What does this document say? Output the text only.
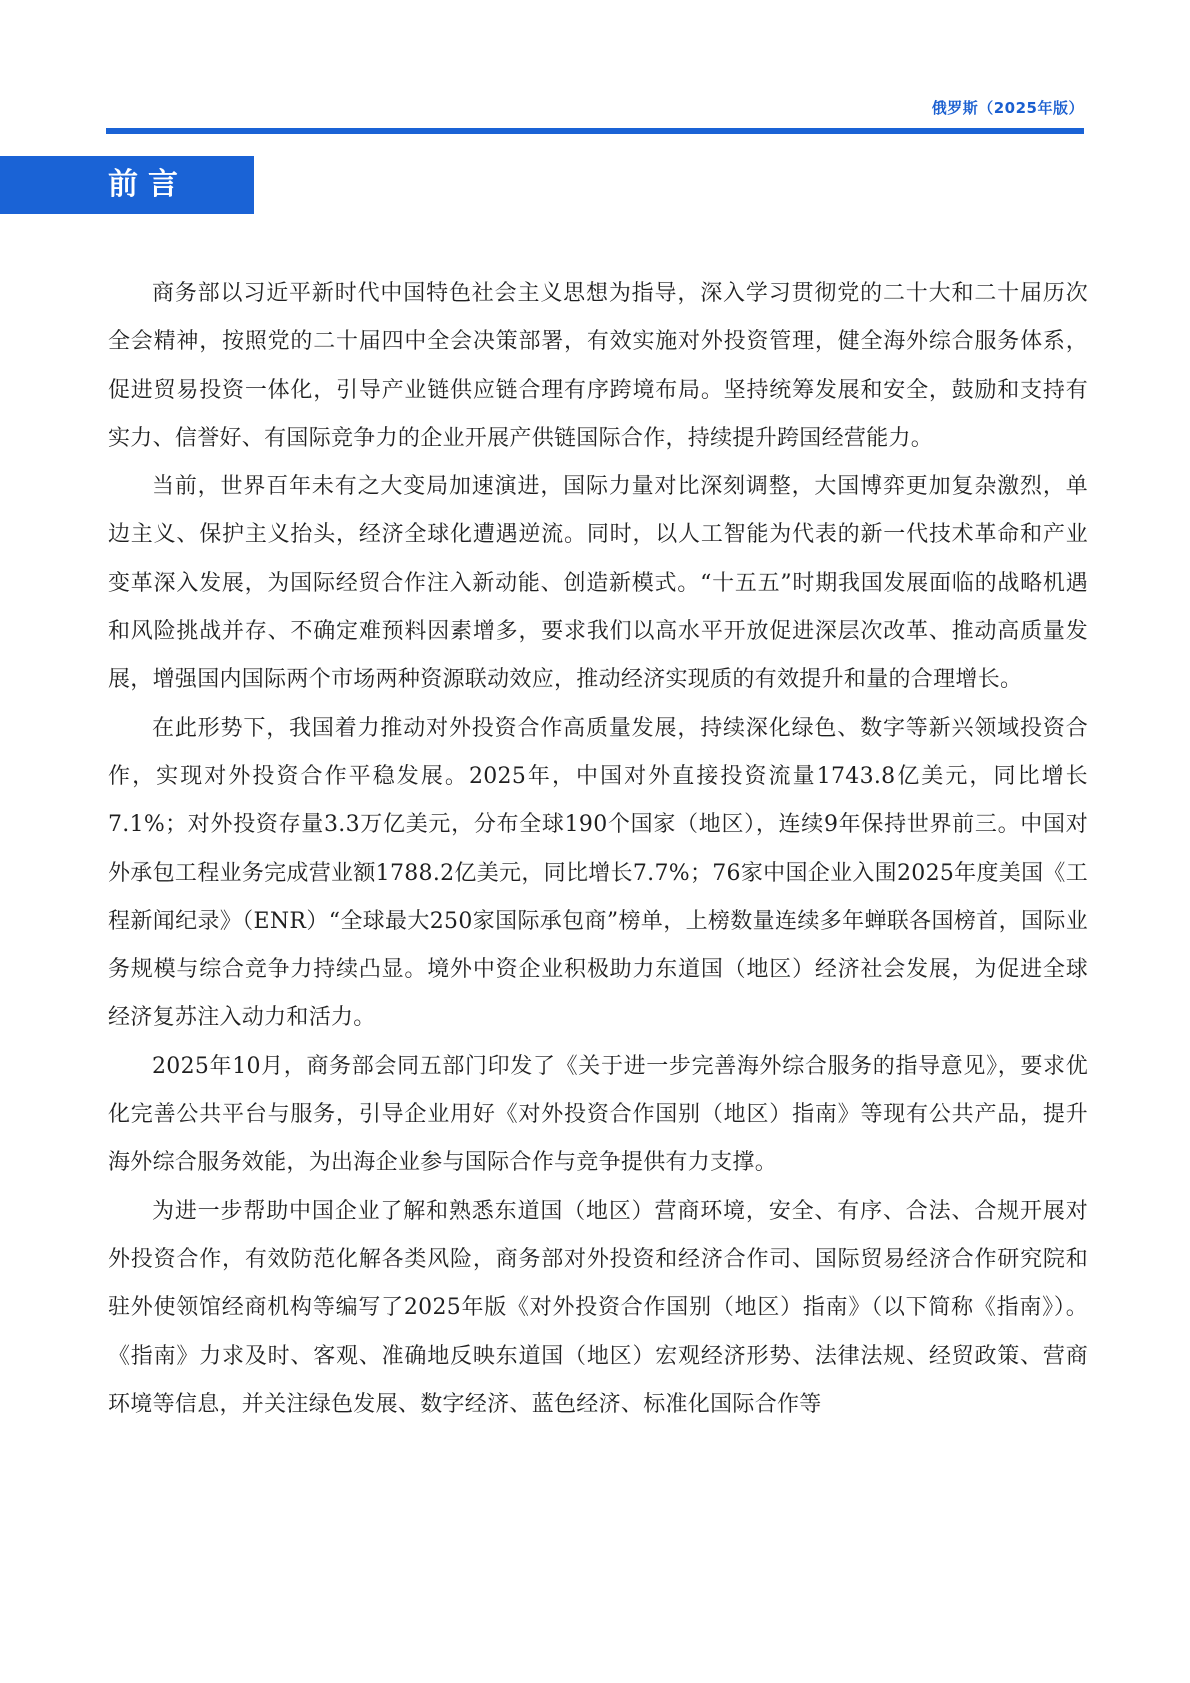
俄罗斯（2025年版）
前言

商务部以习近平新时代中国特色社会主义思想为指导，深入学习贯彻党的二十大和二十届历次全会精神，按照党的二十届四中全会决策部署，有效实施对外投资管理，健全海外综合服务体系，促进贸易投资一体化，引导产业链供应链合理有序跨境布局。坚持统筹发展和安全，鼓励和支持有实力、信誉好、有国际竞争力的企业开展产供链国际合作，持续提升跨国经营能力。

当前，世界百年未有之大变局加速演进，国际力量对比深刻调整，大国博弈更加复杂激烈，单边主义、保护主义抬头，经济全球化遭遇逆流。同时，以人工智能为代表的新一代技术革命和产业变革深入发展，为国际经贸合作注入新动能、创造新模式。“十五五”时期我国发展面临的战略机遇和风险挑战并存、不确定难预料因素增多，要求我们以高水平开放促进深层次改革、推动高质量发展，增强国内国际两个市场两种资源联动效应，推动经济实现质的有效提升和量的合理增长。

在此形势下，我国着力推动对外投资合作高质量发展，持续深化绿色、数字等新兴领域投资合作，实现对外投资合作平稳发展。2025年，中国对外直接投资流量1743.8亿美元，同比增长7.1%；对外投资存量3.3万亿美元，分布全球190个国家（地区），连续9年保持世界前三。中国对外承包工程业务完成营业额1788.2亿美元，同比增长7.7%；76家中国企业入围2025年度美国《工程新闻纪录》（ENR）“全球最大250家国际承包商”榜单，上榜数量连续多年蝉联各国榜首，国际业务规模与综合竞争力持续凸显。境外中资企业积极助力东道国（地区）经济社会发展，为促进全球经济复苏注入动力和活力。

2025年10月，商务部会同五部门印发了《关于进一步完善海外综合服务的指导意见》，要求优化完善公共平台与服务，引导企业用好《对外投资合作国别（地区）指南》等现有公共产品，提升海外综合服务效能，为出海企业参与国际合作与竞争提供有力支撑。

为进一步帮助中国企业了解和熟悉东道国（地区）营商环境，安全、有序、合法、合规开展对外投资合作，有效防范化解各类风险，商务部对外投资和经济合作司、国际贸易经济合作研究院和驻外使领馆经商机构等编写了2025年版《对外投资合作国别（地区）指南》（以下简称《指南》）。《指南》力求及时、客观、准确地反映东道国（地区）宏观经济形势、法律法规、经贸政策、营商环境等信息，并关注绿色发展、数字经济、蓝色经济、标准化国际合作等
